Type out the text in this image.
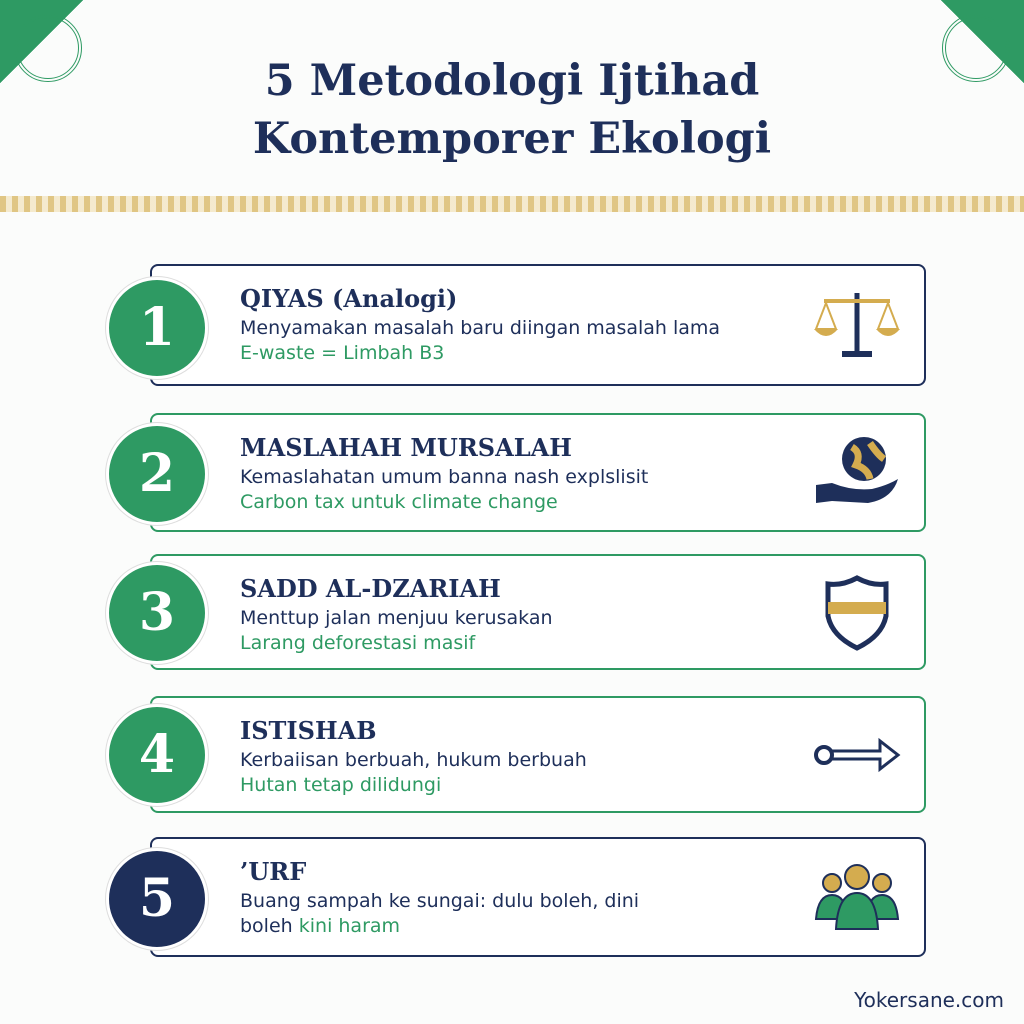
5 Metodologi Ijtihad
Kontemporer Ekologi
QIYAS (Analogi)
Menyamakan masalah baru diingan masalah lama
E-waste = Limbah B3
1
MASLAHAH MURSALAH
Kemaslahatan umum banna nash explslisit
Carbon tax untuk climate change
2
SADD AL-DZARIAH
Menttup jalan menjuu kerusakan
Larang deforestasi masif
3
ISTISHAB
Kerbaiisan berbuah, hukum berbuah
Hutan tetap dilidungi
4
’URF
Buang sampah ke sungai: dulu boleh, dini
boleh kini haram
5
Yokersane.com
